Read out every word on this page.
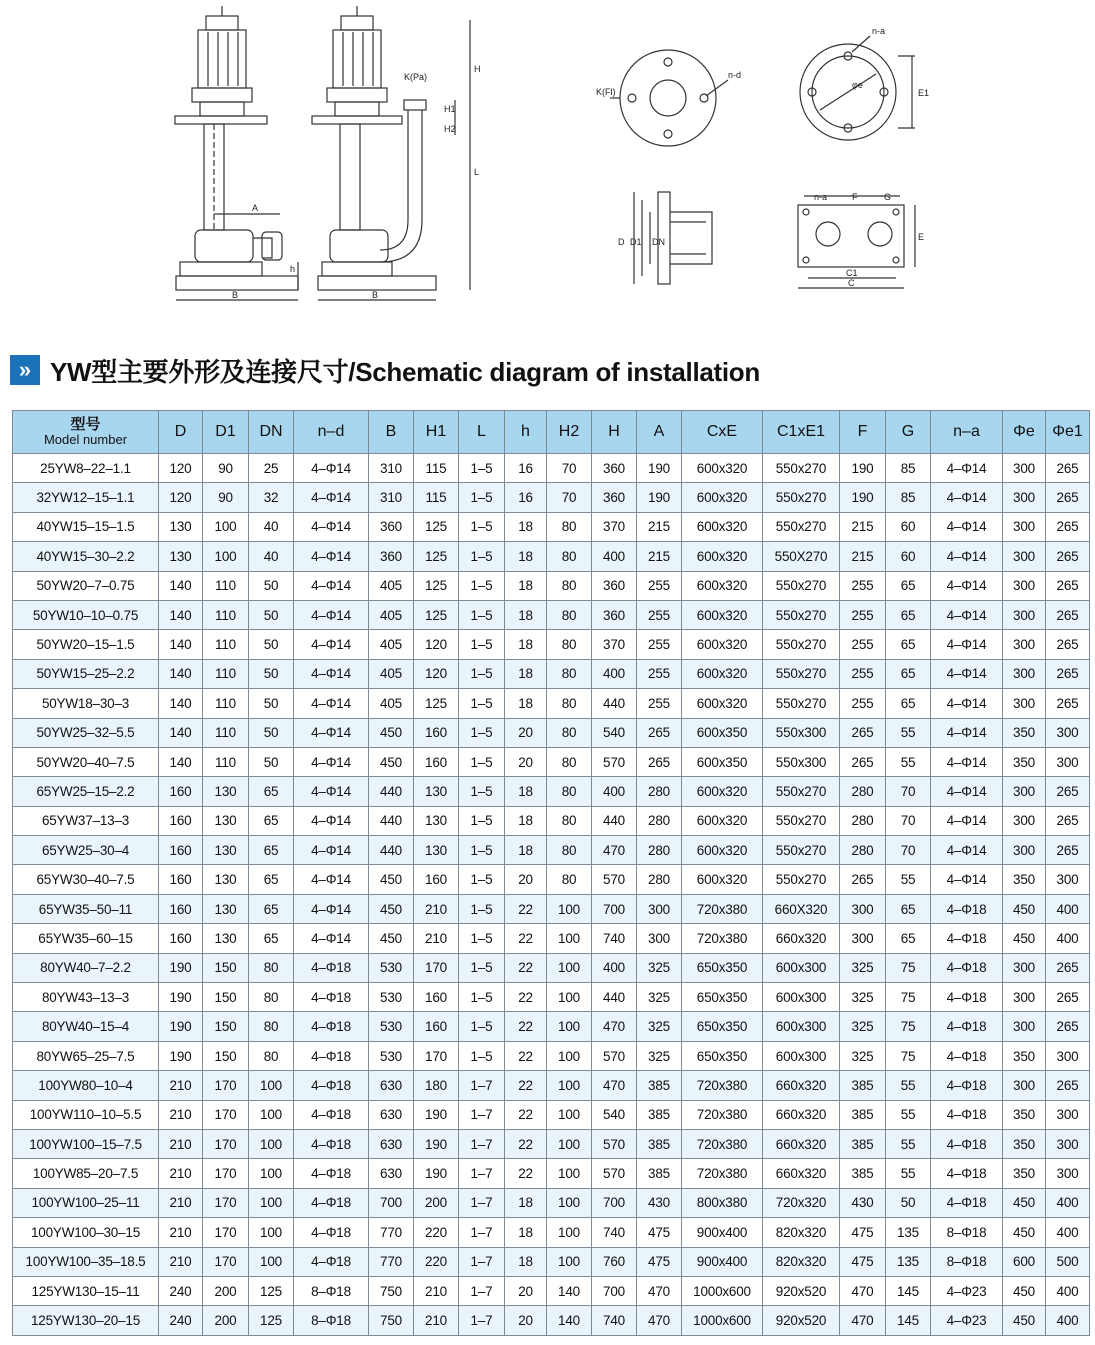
A
B	B
h
H
L
K(Pa)
H1
H2
K(Fl)
n-d
n-a
φe
E1
D D1 DN
n-a	F	G
E
C1
C
» YW型主要外形及连接尺寸/Schematic diagram of installation
型号
Model number	D	D1	DN	n–d	B	H1	L	h	H2	H	A	CxE	C1xE1	F	G	n–a	Φe	Φe1
25YW8–22–1.1	120	90	25	4–Φ14	310	115	1–5	16	70	360	190	600x320	550x270	190	85	4–Φ14	300	265
32YW12–15–1.1	120	90	32	4–Φ14	310	115	1–5	16	70	360	190	600x320	550x270	190	85	4–Φ14	300	265
40YW15–15–1.5	130	100	40	4–Φ14	360	125	1–5	18	80	370	215	600x320	550x270	215	60	4–Φ14	300	265
40YW15–30–2.2	130	100	40	4–Φ14	360	125	1–5	18	80	400	215	600x320	550X270	215	60	4–Φ14	300	265
50YW20–7–0.75	140	110	50	4–Φ14	405	125	1–5	18	80	360	255	600x320	550x270	255	65	4–Φ14	300	265
50YW10–10–0.75	140	110	50	4–Φ14	405	125	1–5	18	80	360	255	600x320	550x270	255	65	4–Φ14	300	265
50YW20–15–1.5	140	110	50	4–Φ14	405	120	1–5	18	80	370	255	600x320	550x270	255	65	4–Φ14	300	265
50YW15–25–2.2	140	110	50	4–Φ14	405	120	1–5	18	80	400	255	600x320	550x270	255	65	4–Φ14	300	265
50YW18–30–3	140	110	50	4–Φ14	405	125	1–5	18	80	440	255	600x320	550x270	255	65	4–Φ14	300	265
50YW25–32–5.5	140	110	50	4–Φ14	450	160	1–5	20	80	540	265	600x350	550x300	265	55	4–Φ14	350	300
50YW20–40–7.5	140	110	50	4–Φ14	450	160	1–5	20	80	570	265	600x350	550x300	265	55	4–Φ14	350	300
65YW25–15–2.2	160	130	65	4–Φ14	440	130	1–5	18	80	400	280	600x320	550x270	280	70	4–Φ14	300	265
65YW37–13–3	160	130	65	4–Φ14	440	130	1–5	18	80	440	280	600x320	550x270	280	70	4–Φ14	300	265
65YW25–30–4	160	130	65	4–Φ14	440	130	1–5	18	80	470	280	600x320	550x270	280	70	4–Φ14	300	265
65YW30–40–7.5	160	130	65	4–Φ14	450	160	1–5	20	80	570	280	600x320	550x270	265	55	4–Φ14	350	300
65YW35–50–11	160	130	65	4–Φ14	450	210	1–5	22	100	700	300	720x380	660X320	300	65	4–Φ18	450	400
65YW35–60–15	160	130	65	4–Φ14	450	210	1–5	22	100	740	300	720x380	660x320	300	65	4–Φ18	450	400
80YW40–7–2.2	190	150	80	4–Φ18	530	170	1–5	22	100	400	325	650x350	600x300	325	75	4–Φ18	300	265
80YW43–13–3	190	150	80	4–Φ18	530	160	1–5	22	100	440	325	650x350	600x300	325	75	4–Φ18	300	265
80YW40–15–4	190	150	80	4–Φ18	530	160	1–5	22	100	470	325	650x350	600x300	325	75	4–Φ18	300	265
80YW65–25–7.5	190	150	80	4–Φ18	530	170	1–5	22	100	570	325	650x350	600x300	325	75	4–Φ18	350	300
100YW80–10–4	210	170	100	4–Φ18	630	180	1–7	22	100	470	385	720x380	660x320	385	55	4–Φ18	300	265
100YW110–10–5.5	210	170	100	4–Φ18	630	190	1–7	22	100	540	385	720x380	660x320	385	55	4–Φ18	350	300
100YW100–15–7.5	210	170	100	4–Φ18	630	190	1–7	22	100	570	385	720x380	660x320	385	55	4–Φ18	350	300
100YW85–20–7.5	210	170	100	4–Φ18	630	190	1–7	22	100	570	385	720x380	660x320	385	55	4–Φ18	350	300
100YW100–25–11	210	170	100	4–Φ18	700	200	1–7	18	100	700	430	800x380	720x320	430	50	4–Φ18	450	400
100YW100–30–15	210	170	100	4–Φ18	770	220	1–7	18	100	740	475	900x400	820x320	475	135	8–Φ18	450	400
100YW100–35–18.5	210	170	100	4–Φ18	770	220	1–7	18	100	760	475	900x400	820x320	475	135	8–Φ18	600	500
125YW130–15–11	240	200	125	8–Φ18	750	210	1–7	20	140	700	470	1000x600	920x520	470	145	4–Φ23	450	400
125YW130–20–15	240	200	125	8–Φ18	750	210	1–7	20	140	740	470	1000x600	920x520	470	145	4–Φ23	450	400
